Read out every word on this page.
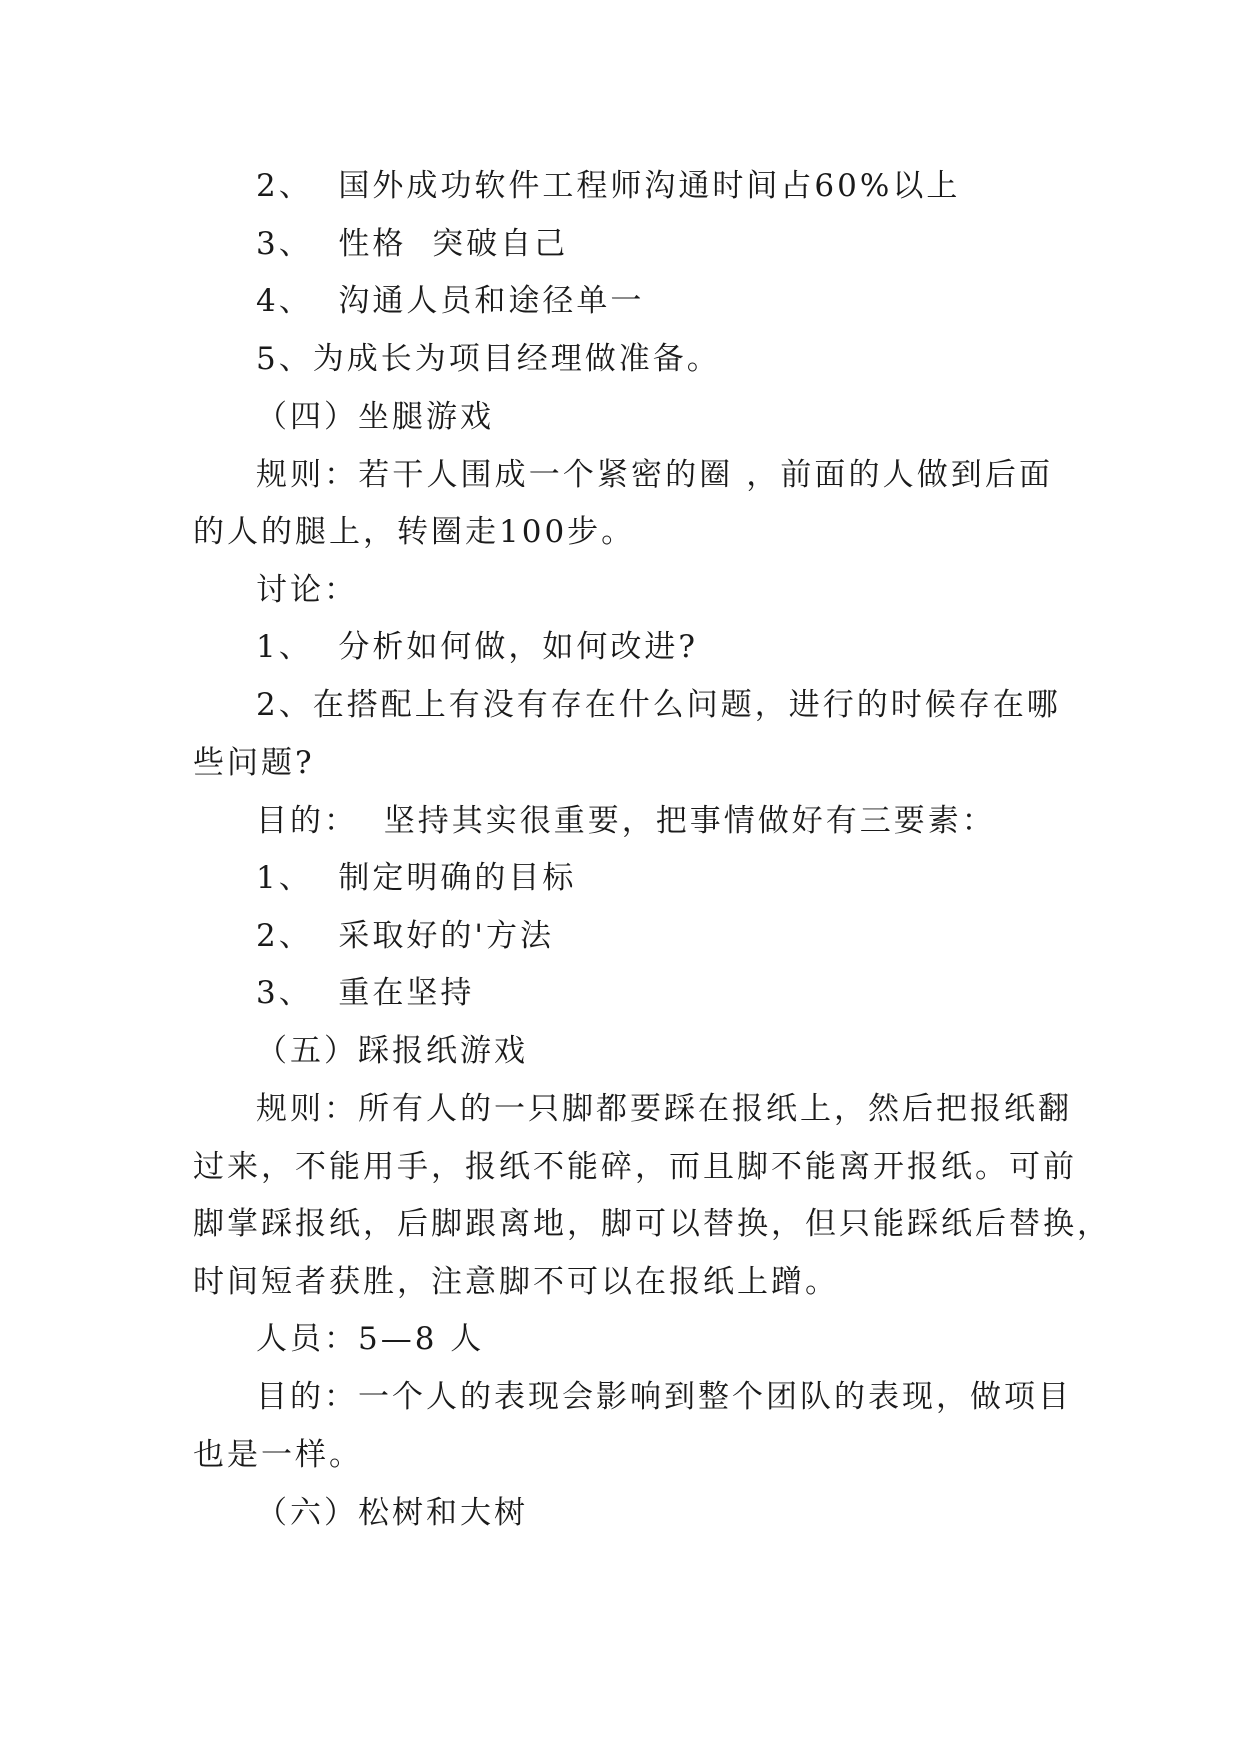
2、  国外成功软件工程师沟通时间占60%以上
3、  性格  突破自己
4、  沟通人员和途径单一
5、为成长为项目经理做准备。
（四）坐腿游戏
规则：若干人围成一个紧密的圈 ，前面的人做到后面
的人的腿上，转圈走100步。
讨论：
1、  分析如何做，如何改进?
2、在搭配上有没有存在什么问题，进行的时候存在哪
些问题?
目的：  坚持其实很重要，把事情做好有三要素：
1、  制定明确的目标
2、  采取好的'方法
3、  重在坚持
（五）踩报纸游戏
规则：所有人的一只脚都要踩在报纸上，然后把报纸翻
过来，不能用手，报纸不能碎，而且脚不能离开报纸。可前
脚掌踩报纸，后脚跟离地，脚可以替换，但只能踩纸后替换，
时间短者获胜，注意脚不可以在报纸上蹭。
人员：5—8 人
目的：一个人的表现会影响到整个团队的表现，做项目
也是一样。
（六）松树和大树
